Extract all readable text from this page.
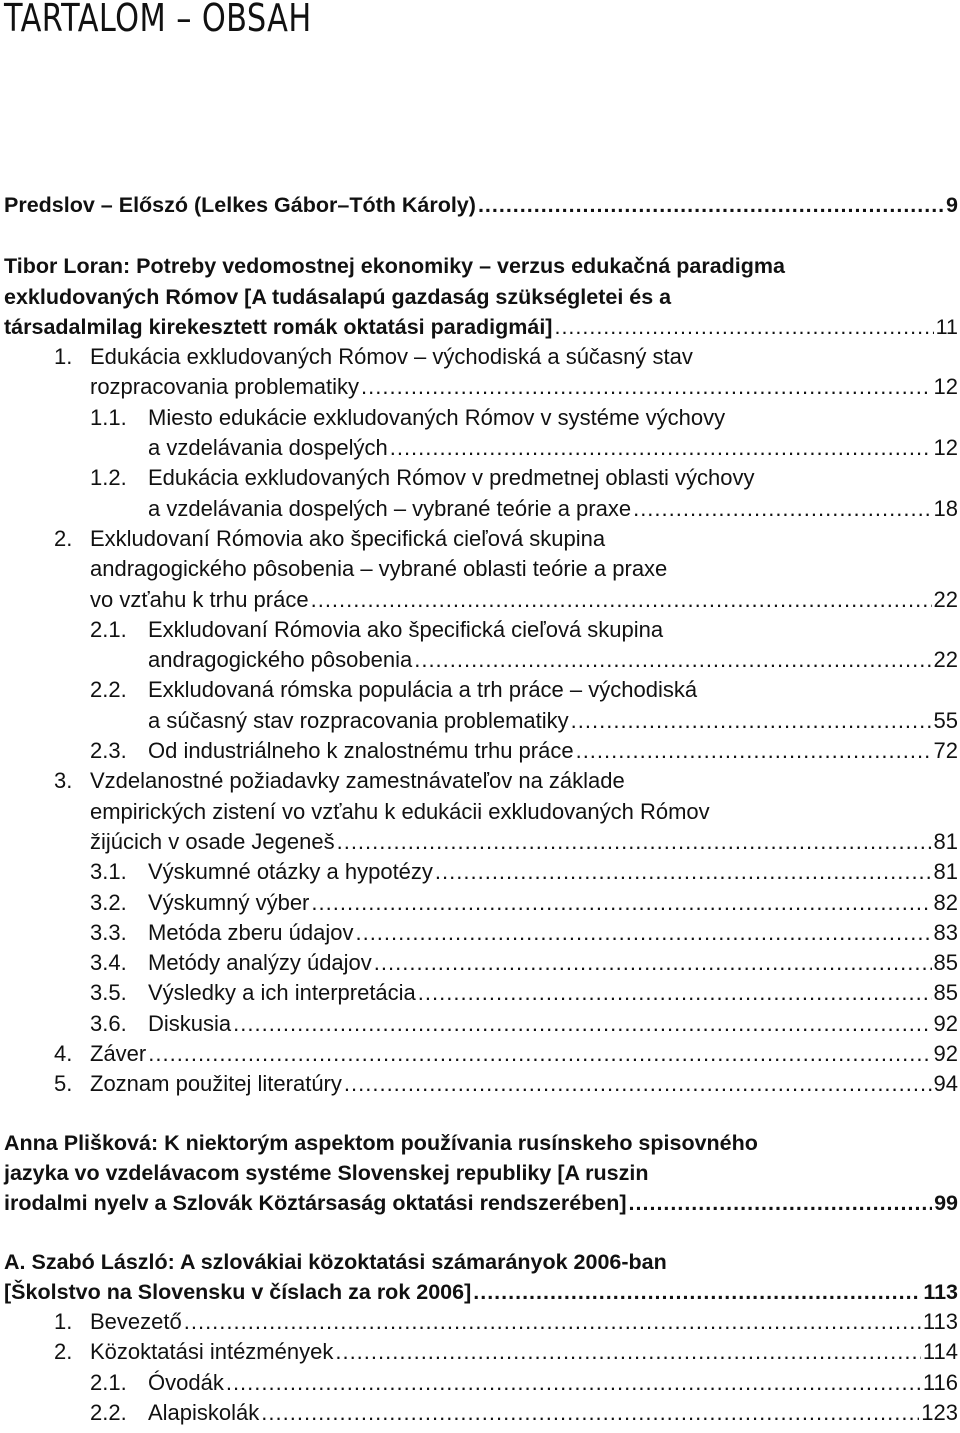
TARTALOM – OBSAH
Predslov – Előszó (Lelkes Gábor–Tóth Károly) .....	9
Tibor Loran: Potreby vedomostnej ekonomiky – verzus edukačná paradigma
exkludovaných Rómov [A tudásalapú gazdaság szükségletei és a
társadalmilag kirekesztett romák oktatási paradigmái] .....	11
1. Edukácia exkludovaných Rómov – východiská a súčasný stav
rozpracovania problematiky .....	12
1.1. Miesto edukácie exkludovaných Rómov v systéme výchovy
a vzdelávania dospelých .....	12
1.2. Edukácia exkludovaných Rómov v predmetnej oblasti výchovy
a vzdelávania dospelých – vybrané teórie a praxe .....	18
2. Exkludovaní Rómovia ako špecifická cieľová skupina
andragogického pôsobenia – vybrané oblasti teórie a praxe
vo vzťahu k trhu práce .....	22
2.1. Exkludovaní Rómovia ako špecifická cieľová skupina
andragogického pôsobenia .....	22
2.2. Exkludovaná rómska populácia a trh práce – východiská
a súčasný stav rozpracovania problematiky .....	55
2.3. Od industriálneho k znalostnému trhu práce .....	72
3. Vzdelanostné požiadavky zamestnávateľov na základe
empirických zistení vo vzťahu k edukácii exkludovaných Rómov
žijúcich v osade Jegeneš .....	81
3.1. Výskumné otázky a hypotézy .....	81
3.2. Výskumný výber .....	82
3.3. Metóda zberu údajov .....	83
3.4. Metódy analýzy údajov .....	85
3.5. Výsledky a ich interpretácia .....	85
3.6. Diskusia .....	92
4. Záver .....	92
5. Zoznam použitej literatúry .....	94
Anna Plišková: K niektorým aspektom používania rusínskeho spisovného
jazyka vo vzdelávacom systéme Slovenskej republiky [A ruszin
irodalmi nyelv a Szlovák Köztársaság oktatási rendszerében] .....	99
A. Szabó László: A szlovákiai közoktatási számarányok 2006-ban
[Školstvo na Slovensku v číslach za rok 2006] .....	113
1. Bevezető .....	113
2. Közoktatási intézmények .....	114
2.1. Óvodák .....	116
2.2. Alapiskolák .....	123
